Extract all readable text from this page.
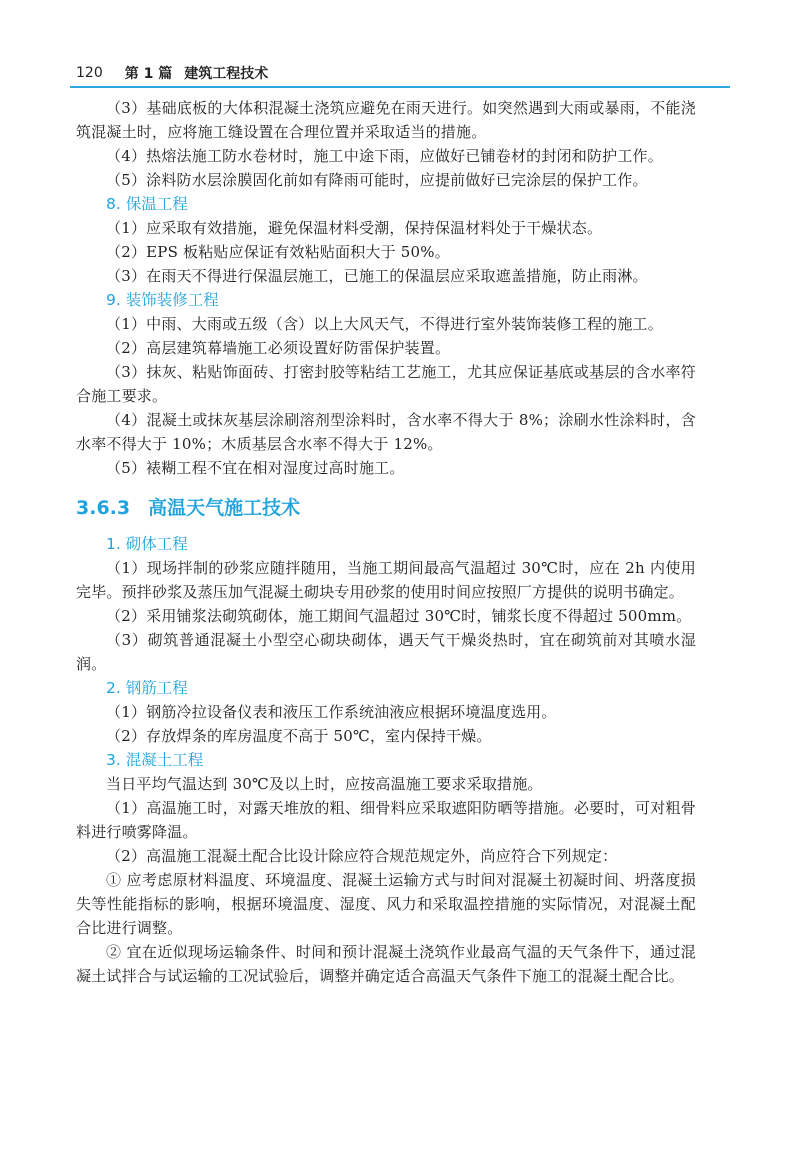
120 第 1 篇 建筑工程技术

（3）基础底板的大体积混凝土浇筑应避免在雨天进行。如突然遇到大雨或暴雨，不能浇筑混凝土时，应将施工缝设置在合理位置并采取适当的措施。

（4）热熔法施工防水卷材时，施工中途下雨，应做好已铺卷材的封闭和防护工作。

（5）涂料防水层涂膜固化前如有降雨可能时，应提前做好已完涂层的保护工作。

8. 保温工程

（1）应采取有效措施，避免保温材料受潮，保持保温材料处于干燥状态。

（2）EPS 板粘贴应保证有效粘贴面积大于 50%。

（3）在雨天不得进行保温层施工，已施工的保温层应采取遮盖措施，防止雨淋。

9. 装饰装修工程

（1）中雨、大雨或五级（含）以上大风天气，不得进行室外装饰装修工程的施工。

（2）高层建筑幕墙施工必须设置好防雷保护装置。

（3）抹灰、粘贴饰面砖、打密封胶等粘结工艺施工，尤其应保证基底或基层的含水率符合施工要求。

（4）混凝土或抹灰基层涂刷溶剂型涂料时，含水率不得大于 8%；涂刷水性涂料时，含水率不得大于 10%；木质基层含水率不得大于 12%。

（5）裱糊工程不宜在相对湿度过高时施工。

3.6.3 高温天气施工技术
1. 砌体工程

（1）现场拌制的砂浆应随拌随用，当施工期间最高气温超过 30℃时，应在 2h 内使用完毕。预拌砂浆及蒸压加气混凝土砌块专用砂浆的使用时间应按照厂方提供的说明书确定。

（2）采用铺浆法砌筑砌体，施工期间气温超过 30℃时，铺浆长度不得超过 500mm。

（3）砌筑普通混凝土小型空心砌块砌体，遇天气干燥炎热时，宜在砌筑前对其喷水湿润。

2. 钢筋工程

（1）钢筋冷拉设备仪表和液压工作系统油液应根据环境温度选用。

（2）存放焊条的库房温度不高于 50℃，室内保持干燥。

3. 混凝土工程

当日平均气温达到 30℃及以上时，应按高温施工要求采取措施。

（1）高温施工时，对露天堆放的粗、细骨料应采取遮阳防晒等措施。必要时，可对粗骨料进行喷雾降温。

（2）高温施工混凝土配合比设计除应符合规范规定外，尚应符合下列规定：

① 应考虑原材料温度、环境温度、混凝土运输方式与时间对混凝土初凝时间、坍落度损失等性能指标的影响，根据环境温度、湿度、风力和采取温控措施的实际情况，对混凝土配合比进行调整。

② 宜在近似现场运输条件、时间和预计混凝土浇筑作业最高气温的天气条件下，通过混凝土试拌合与试运输的工况试验后，调整并确定适合高温天气条件下施工的混凝土配合比。
